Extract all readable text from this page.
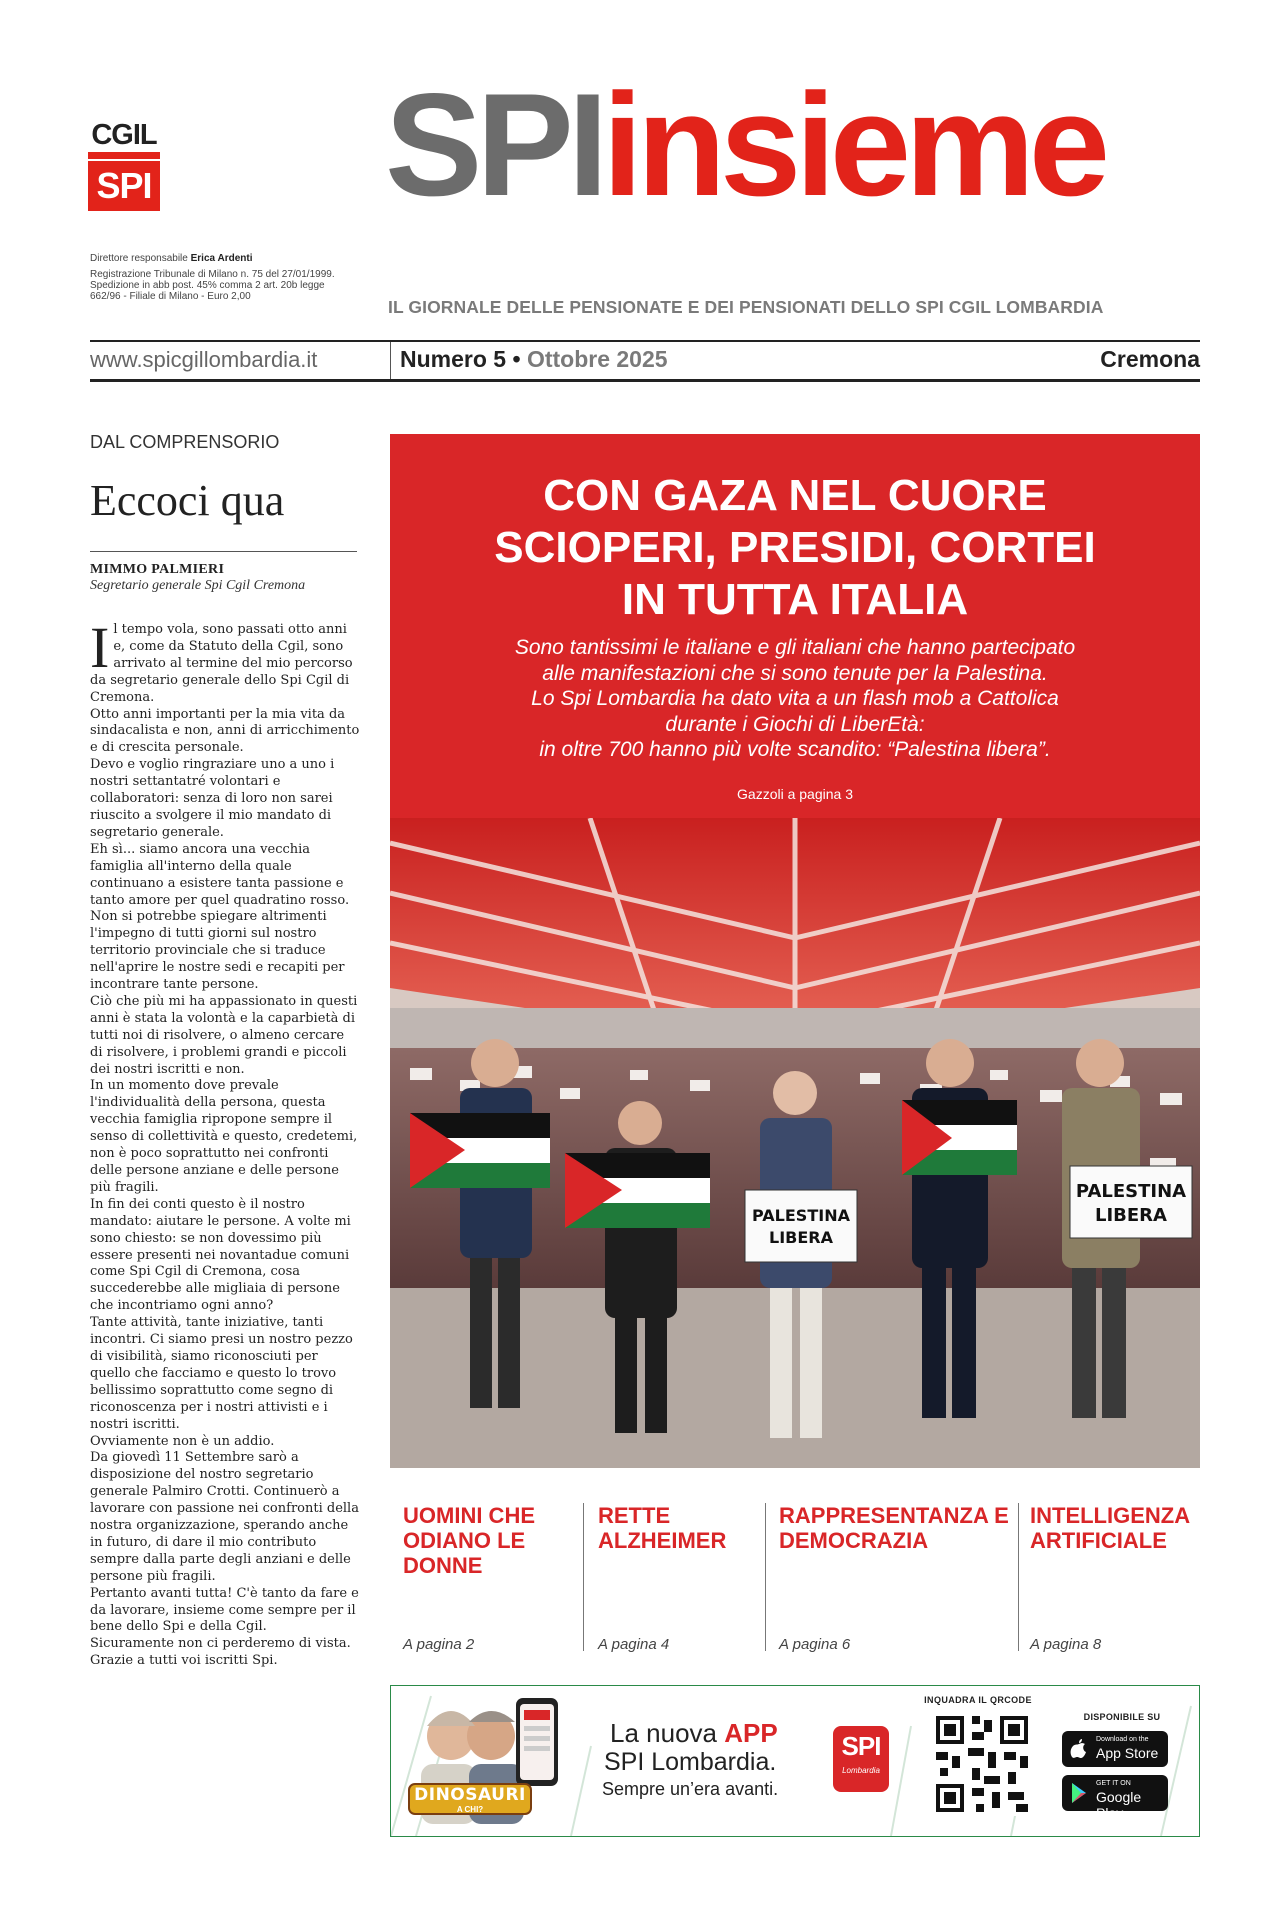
CGIL
SPI SPIinsieme
Direttore responsabile Erica Ardenti
Registrazione Tribunale di Milano n. 75 del 27/01/1999. Spedizione in abb post. 45% comma 2 art. 20b legge 662/96 - Filiale di Milano - Euro 2,00
IL GIORNALE DELLE PENSIONATE E DEI PENSIONATI DELLO SPI CGIL LOMBARDIA
www.spicgillombardia.it	Numero 5 • Ottobre 2025	Cremona
DAL COMPRENSORIO
Eccoci qua
MIMMO PALMIERI
Segretario generale Spi Cgil Cremona
I l tempo vola, sono passati otto anni e, come da Statuto della Cgil, sono arrivato al termine del mio percorso da segretario generale dello Spi Cgil di Cremona.

Otto anni importanti per la mia vita da sindacalista e non, anni di arricchimento e di crescita personale.

Devo e voglio ringraziare uno a uno i nostri settantatré volontari e collaboratori: senza di loro non sarei riuscito a svolgere il mio mandato di segretario generale.

Eh sì... siamo ancora una vecchia famiglia all'interno della quale continuano a esistere tanta passione e tanto amore per quel quadratino rosso. Non si potrebbe spiegare altrimenti l'impegno di tutti giorni sul nostro territorio provinciale che si traduce nell'aprire le nostre sedi e recapiti per incontrare tante persone.

Ciò che più mi ha appassionato in questi anni è stata la volontà e la caparbietà di tutti noi di risolvere, o almeno cercare di risolvere, i problemi grandi e piccoli dei nostri iscritti e non.

In un momento dove prevale l'individualità della persona, questa vecchia famiglia ripropone sempre il senso di collettività e questo, credetemi, non è poco soprattutto nei confronti delle persone anziane e delle persone più fragili.

In fin dei conti questo è il nostro mandato: aiutare le persone. A volte mi sono chiesto: se non dovessimo più essere presenti nei novantadue comuni come Spi Cgil di Cremona, cosa succederebbe alle migliaia di persone che incontriamo ogni anno?

Tante attività, tante iniziative, tanti incontri. Ci siamo presi un nostro pezzo di visibilità, siamo riconosciuti per quello che facciamo e questo lo trovo bellissimo soprattutto come segno di riconoscenza per i nostri attivisti e i nostri iscritti.

Ovviamente non è un addio.

Da giovedì 11 Settembre sarò a disposizione del nostro segretario generale Palmiro Crotti. Continuerò a lavorare con passione nei confronti della nostra organizzazione, sperando anche in futuro, di dare il mio contributo sempre dalla parte degli anziani e delle persone più fragili.

Pertanto avanti tutta! C'è tanto da fare e da lavorare, insieme come sempre per il bene dello Spi e della Cgil.

Sicuramente non ci perderemo di vista.

Grazie a tutti voi iscritti Spi.

CON GAZA NEL CUORE
SCIOPERI, PRESIDI, CORTEI
IN TUTTA ITALIA
Sono tantissimi le italiane e gli italiani che hanno partecipato
alle manifestazioni che si sono tenute per la Palestina.
Lo Spi Lombardia ha dato vita a un flash mob a Cattolica
durante i Giochi di LiberEtà:
in oltre 700 hanno più volte scandito: “Palestina libera”.
Gazzoli a pagina 3
PALESTINA
LIBERA
PALESTINA
LIBERA
UOMINI CHE ODIANO LE DONNE
A pagina 2
RETTE ALZHEIMER
A pagina 4
RAPPRESENTANZA E DEMOCRAZIA
A pagina 6
INTELLIGENZA ARTIFICIALE
A pagina 8
DINOSAURI
A CHI?
La nuova APP
SPI Lombardia.
Sempre un’era avanti.
SPI
Lombardia
INQUADRA IL QRCODE
DISPONIBILE SU
Download on the
App Store
GET IT ON
Google Play
